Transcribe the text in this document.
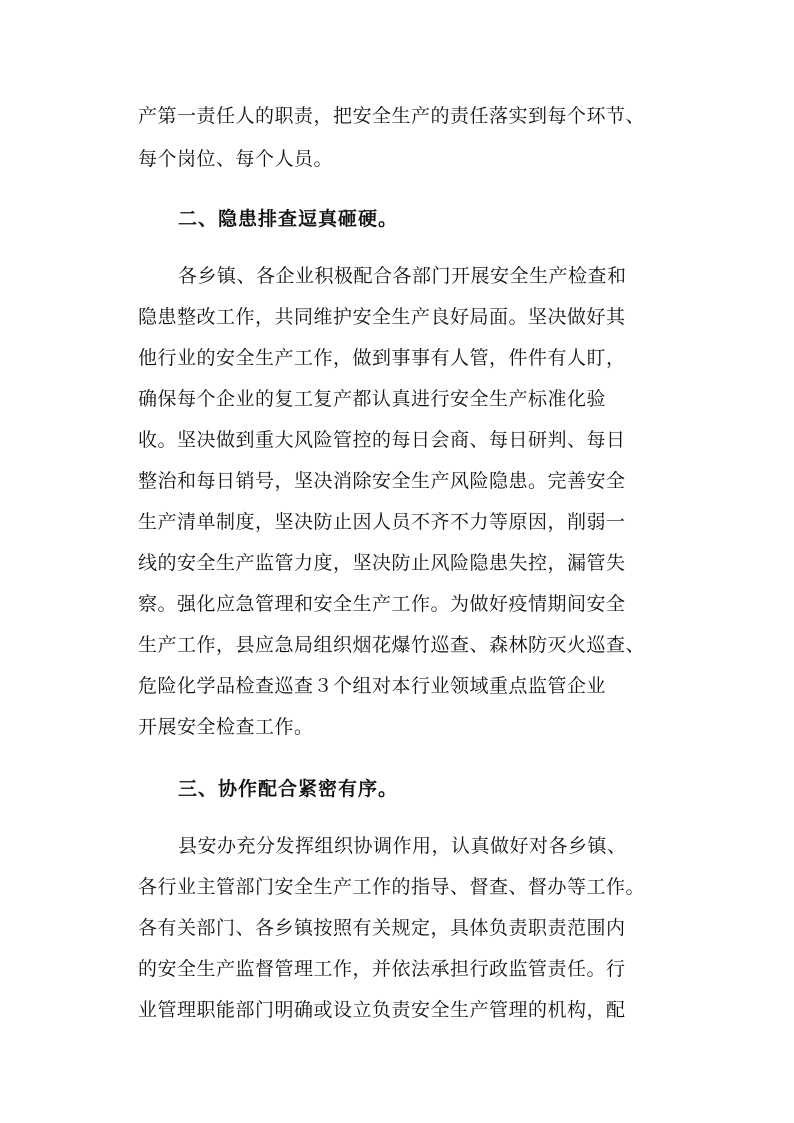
产第一责任人的职责，把安全生产的责任落实到每个环节、
每个岗位、每个人员。
二、隐患排查逗真砸硬。
各乡镇、各企业积极配合各部门开展安全生产检查和
隐患整改工作，共同维护安全生产良好局面。坚决做好其
他行业的安全生产工作，做到事事有人管，件件有人盯，
确保每个企业的复工复产都认真进行安全生产标准化验
收。坚决做到重大风险管控的每日会商、每日研判、每日
整治和每日销号，坚决消除安全生产风险隐患。完善安全
生产清单制度，坚决防止因人员不齐不力等原因，削弱一
线的安全生产监管力度，坚决防止风险隐患失控，漏管失
察。强化应急管理和安全生产工作。为做好疫情期间安全
生产工作，县应急局组织烟花爆竹巡查、森林防灭火巡查、
危险化学品检查巡查３个组对本行业领域重点监管企业
开展安全检查工作。
三、协作配合紧密有序。
县安办充分发挥组织协调作用，认真做好对各乡镇、
各行业主管部门安全生产工作的指导、督查、督办等工作。
各有关部门、各乡镇按照有关规定，具体负责职责范围内
的安全生产监督管理工作，并依法承担行政监管责任。行
业管理职能部门明确或设立负责安全生产管理的机构，配
